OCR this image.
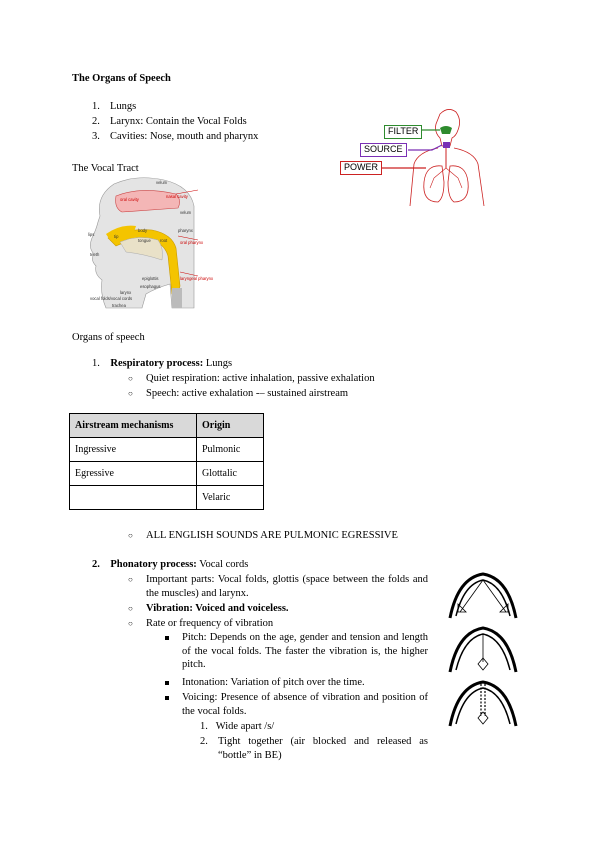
The Organs of Speech
1. Lungs
2. Larynx: Contain the Vocal Folds
3. Cavities: Nose, mouth and pharynx
The Vocal Tract
velum
oral cavity
nasal cavity
velum
lips
teeth
tip
body
tongue root
pharynx
oral pharynx
laryngeal pharynx
epiglottis
esophagus
larynx
vocal folds/vocal cords
trachea
FILTER
SOURCE
POWER
Organs of speech
1. Respiratory process: Lungs
○ Quiet respiration: active inhalation, passive exhalation
○ Speech: active exhalation -– sustained airstream
Airstream mechanisms	Origin
Ingressive	Pulmonic
Egressive	Glottalic
	Velaric
○ ALL ENGLISH SOUNDS ARE PULMONIC EGRESSIVE
2. Phonatory process: Vocal cords
○ Important parts: Vocal folds, glottis (space between the folds and the muscles) and larynx.
○ Vibration: Voiced and voiceless.
○ Rate or frequency of vibration
Pitch: Depends on the age, gender and tension and length of the vocal folds. The faster the vibration is, the higher pitch.
Intonation: Variation of pitch over the time.
Voicing: Presence of absence of vibration and position of the vocal folds.
1. Wide apart /s/
2. Tight together (air blocked and released as “bottle” in BE)
